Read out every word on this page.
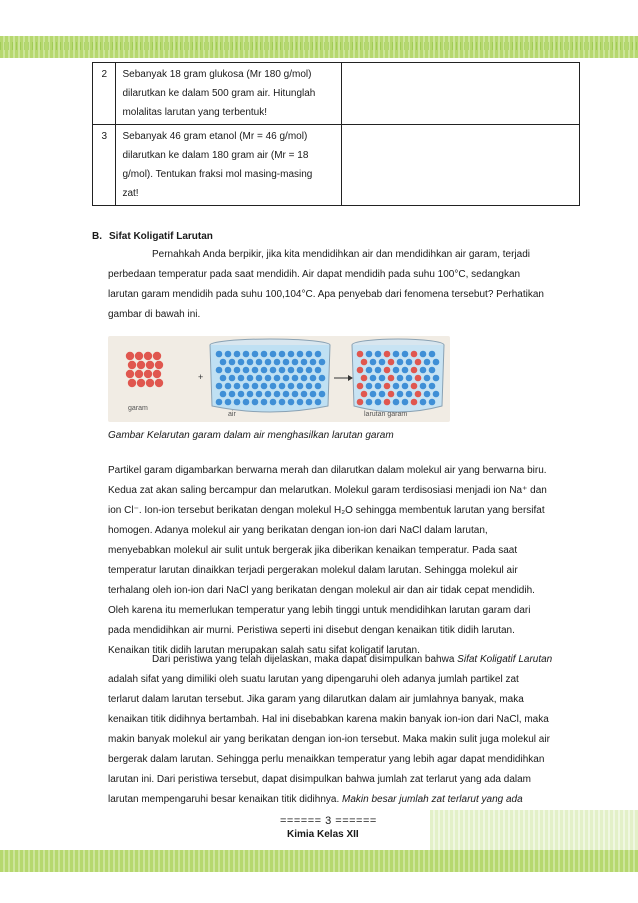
2	Sebanyak 18 gram glukosa (Mr 180 g/mol)
dilarutkan ke dalam 500 gram air. Hitunglah
molalitas larutan yang terbentuk!	

3	Sebanyak 46 gram etanol (Mr = 46 g/mol)
dilarutkan ke dalam 180 gram air (Mr = 18
g/mol). Tentukan fraksi mol masing-masing
zat!	

B. Sifat Koligatif Larutan
Pernahkah Anda berpikir, jika kita mendidihkan air dan mendidihkan air garam, terjadi
perbedaan temperatur pada saat mendidih. Air dapat mendidih pada suhu 100°C, sedangkan
larutan garam mendidih pada suhu 100,104°C. Apa penyebab dari fenomena tersebut? Perhatikan
gambar di bawah ini.
garam
+
air	larutan garam
Gambar Kelarutan garam dalam air menghasilkan larutan garam
Partikel garam digambarkan berwarna merah dan dilarutkan dalam molekul air yang berwarna biru.
Kedua zat akan saling bercampur dan melarutkan. Molekul garam terdisosiasi menjadi ion Na⁺ dan
ion Cl⁻. Ion-ion tersebut berikatan dengan molekul H₂O sehingga membentuk larutan yang bersifat
homogen. Adanya molekul air yang berikatan dengan ion-ion dari NaCl dalam larutan,
menyebabkan molekul air sulit untuk bergerak jika diberikan kenaikan temperatur. Pada saat
temperatur larutan dinaikkan terjadi pergerakan molekul dalam larutan. Sehingga molekul air
terhalang oleh ion-ion dari NaCl yang berikatan dengan molekul air dan air tidak cepat mendidih.
Oleh karena itu memerlukan temperatur yang lebih tinggi untuk mendidihkan larutan garam dari
pada mendidihkan air murni. Peristiwa seperti ini disebut dengan kenaikan titik didih larutan.
Kenaikan titik didih larutan merupakan salah satu sifat koligatif larutan.
Dari peristiwa yang telah dijelaskan, maka dapat disimpulkan bahwa Sifat Koligatif Larutan
adalah sifat yang dimiliki oleh suatu larutan yang dipengaruhi oleh adanya jumlah partikel zat
terlarut dalam larutan tersebut. Jika garam yang dilarutkan dalam air jumlahnya banyak, maka
kenaikan titik didihnya bertambah. Hal ini disebabkan karena makin banyak ion-ion dari NaCl, maka
makin banyak molekul air yang berikatan dengan ion-ion tersebut. Maka makin sulit juga molekul air
bergerak dalam larutan. Sehingga perlu menaikkan temperatur yang lebih agar dapat mendidihkan
larutan ini. Dari peristiwa tersebut, dapat disimpulkan bahwa jumlah zat terlarut yang ada dalam
larutan mempengaruhi besar kenaikan titik didihnya. Makin besar jumlah zat terlarut yang ada
====== 3 ======
Kimia Kelas XII
